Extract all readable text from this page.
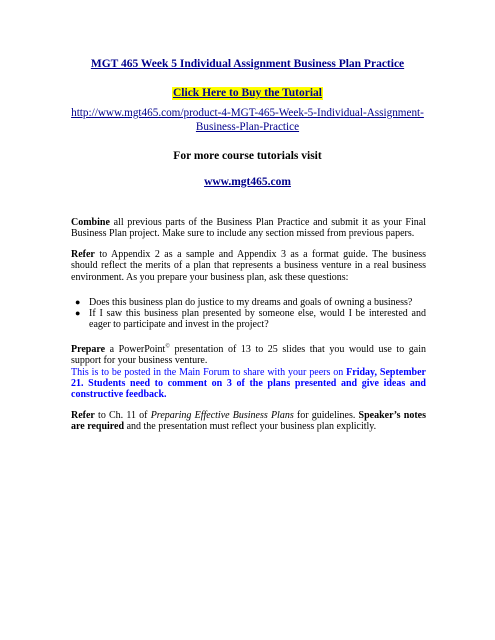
MGT 465 Week 5 Individual Assignment Business Plan Practice
Click Here to Buy the Tutorial
http://www.mgt465.com/product-4-MGT-465-Week-5-Individual-Assignment-Business-Plan-Practice
For more course tutorials visit
www.mgt465.com
Combine all previous parts of the Business Plan Practice and submit it as your Final Business Plan project. Make sure to include any section missed from previous papers.
Refer to Appendix 2 as a sample and Appendix 3 as a format guide. The business should reflect the merits of a plan that represents a business venture in a real business environment. As you prepare your business plan, ask these questions:
● Does this business plan do justice to my dreams and goals of owning a business?
● If I saw this business plan presented by someone else, would I be interested and eager to participate and invest in the project?
Prepare a PowerPoint© presentation of 13 to 25 slides that you would use to gain support for your business venture.
This is to be posted in the Main Forum to share with your peers on Friday, September 21. Students need to comment on 3 of the plans presented and give ideas and constructive feedback.
Refer to Ch. 11 of Preparing Effective Business Plans for guidelines. Speaker’s notes are required and the presentation must reflect your business plan explicitly.
